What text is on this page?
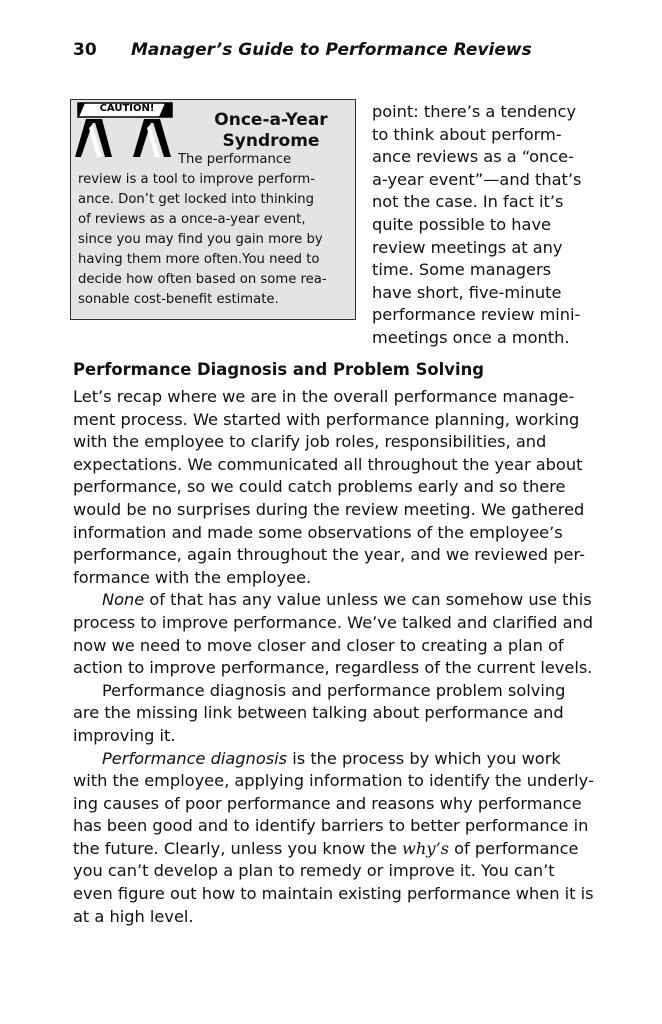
30 Manager’s Guide to Performance Reviews
CAUTION!
Once-a-Year
Syndrome
The performance
review is a tool to improve perform-
ance. Don’t get locked into thinking
of reviews as a once-a-year event,
since you may find you gain more by
having them more often.You need to
decide how often based on some rea-
sonable cost-benefit estimate.
point: there’s a tendency
to think about perform-
ance reviews as a “once-
a-year event”—and that’s
not the case. In fact it’s
quite possible to have
review meetings at any
time. Some managers
have short, five-minute
performance review mini-
meetings once a month.
Performance Diagnosis and Problem Solving
Let’s recap where we are in the overall performance manage-
ment process. We started with performance planning, working
with the employee to clarify job roles, responsibilities, and
expectations. We communicated all throughout the year about
performance, so we could catch problems early and so there
would be no surprises during the review meeting. We gathered
information and made some observations of the employee’s
performance, again throughout the year, and we reviewed per-
formance with the employee.
None of that has any value unless we can somehow use this
process to improve performance. We’ve talked and clarified and
now we need to move closer and closer to creating a plan of
action to improve performance, regardless of the current levels.
Performance diagnosis and performance problem solving
are the missing link between talking about performance and
improving it.
Performance diagnosis is the process by which you work
with the employee, applying information to identify the underly-
ing causes of poor performance and reasons why performance
has been good and to identify barriers to better performance in
the future. Clearly, unless you know the why’s of performance
you can’t develop a plan to remedy or improve it. You can’t
even figure out how to maintain existing performance when it is
at a high level.
